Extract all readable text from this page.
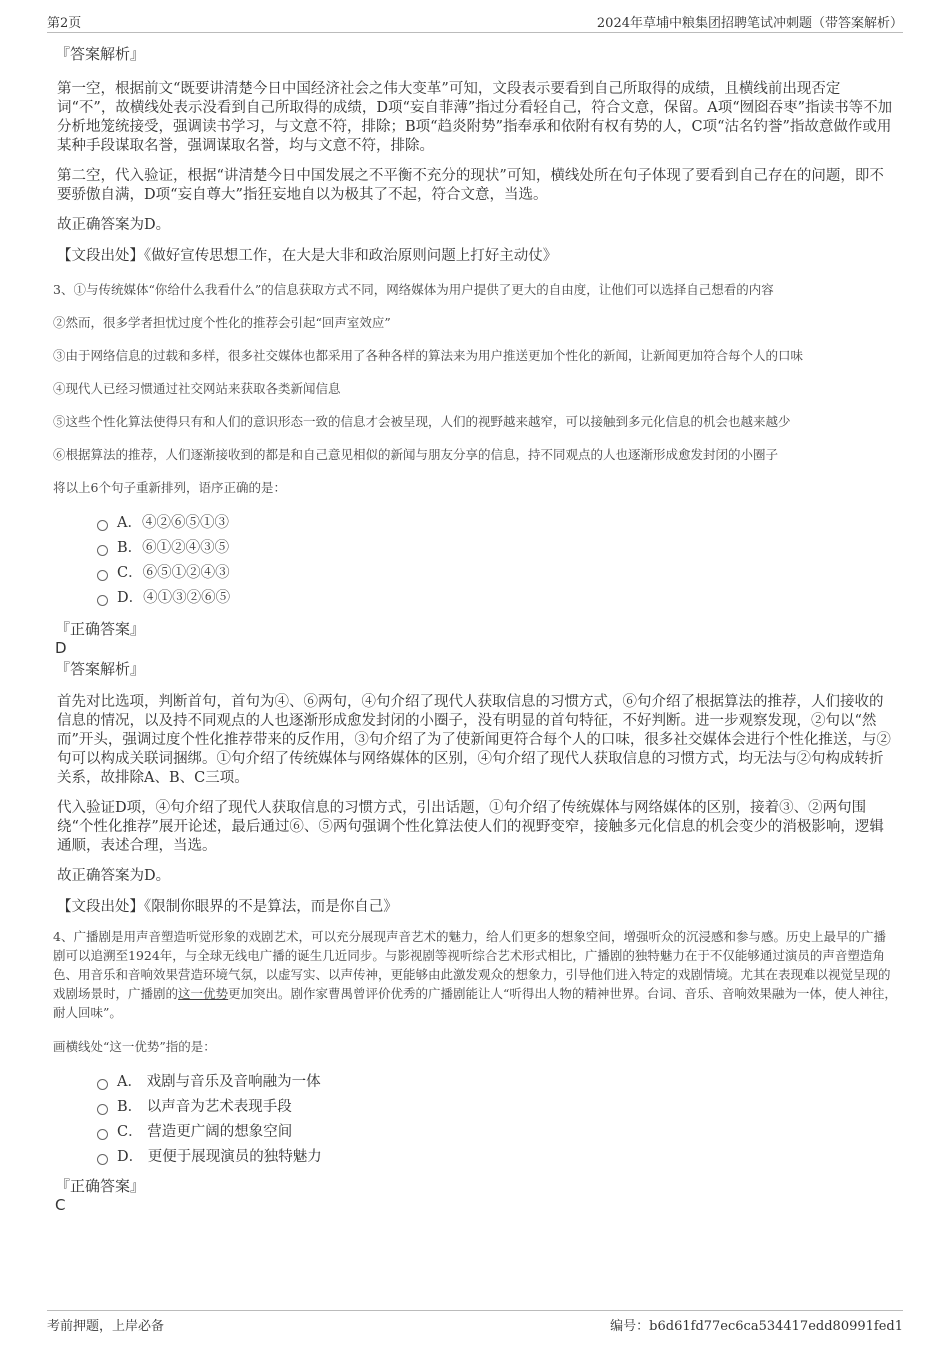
第2页	2024年草埔中粮集团招聘笔试冲刺题（带答案解析）
『答案解析』

第一空，根据前文“既要讲清楚今日中国经济社会之伟大变革”可知，文段表示要看到自己所取得的成绩，且横线前出现否定词“不”，故横线处表示没看到自己所取得的成绩，D项“妄自菲薄”指过分看轻自己，符合文意，保留。A项“囫囵吞枣”指读书等不加分析地笼统接受，强调读书学习，与文意不符，排除；B项“趋炎附势”指奉承和依附有权有势的人，C项“沽名钓誉”指故意做作或用某种手段谋取名誉，强调谋取名誉，均与文意不符，排除。

第二空，代入验证，根据“讲清楚今日中国发展之不平衡不充分的现状”可知，横线处所在句子体现了要看到自己存在的问题，即不要骄傲自满，D项“妄自尊大”指狂妄地自以为极其了不起，符合文意，当选。

故正确答案为D。

【文段出处】《做好宣传思想工作，在大是大非和政治原则问题上打好主动仗》

3、①与传统媒体“你给什么我看什么”的信息获取方式不同，网络媒体为用户提供了更大的自由度，让他们可以选择自己想看的内容

②然而，很多学者担忧过度个性化的推荐会引起“回声室效应”

③由于网络信息的过载和多样，很多社交媒体也都采用了各种各样的算法来为用户推送更加个性化的新闻，让新闻更加符合每个人的口味

④现代人已经习惯通过社交网站来获取各类新闻信息

⑤这些个性化算法使得只有和人们的意识形态一致的信息才会被呈现，人们的视野越来越窄，可以接触到多元化信息的机会也越来越少

⑥根据算法的推荐，人们逐渐接收到的都是和自己意见相似的新闻与朋友分享的信息，持不同观点的人也逐渐形成愈发封闭的小圈子

将以上6个句子重新排列，语序正确的是：

A．④②⑥⑤①③
B．⑥①②④③⑤
C．⑥⑤①②④③
D．④①③②⑥⑤
『正确答案』
D
『答案解析』

首先对比选项，判断首句，首句为④、⑥两句，④句介绍了现代人获取信息的习惯方式，⑥句介绍了根据算法的推荐，人们接收的信息的情况，以及持不同观点的人也逐渐形成愈发封闭的小圈子，没有明显的首句特征，不好判断。进一步观察发现，②句以“然而”开头，强调过度个性化推荐带来的反作用，③句介绍了为了使新闻更符合每个人的口味，很多社交媒体会进行个性化推送，与②句可以构成关联词捆绑。①句介绍了传统媒体与网络媒体的区别，④句介绍了现代人获取信息的习惯方式，均无法与②句构成转折关系，故排除A、B、C三项。

代入验证D项，④句介绍了现代人获取信息的习惯方式，引出话题，①句介绍了传统媒体与网络媒体的区别，接着③、②两句围绕“个性化推荐”展开论述，最后通过⑥、⑤两句强调个性化算法使人们的视野变窄，接触多元化信息的机会变少的消极影响，逻辑通顺，表述合理，当选。

故正确答案为D。

【文段出处】《限制你眼界的不是算法，而是你自己》

4、广播剧是用声音塑造听觉形象的戏剧艺术，可以充分展现声音艺术的魅力，给人们更多的想象空间，增强听众的沉浸感和参与感。历史上最早的广播剧可以追溯至1924年，与全球无线电广播的诞生几近同步。与影视剧等视听综合艺术形式相比，广播剧的独特魅力在于不仅能够通过演员的声音塑造角色、用音乐和音响效果营造环境气氛，以虚写实、以声传神，更能够由此激发观众的想象力，引导他们进入特定的戏剧情境。尤其在表现难以视觉呈现的戏剧场景时，广播剧的这一优势更加突出。剧作家曹禺曾评价优秀的广播剧能让人“听得出人物的精神世界。台词、音乐、音响效果融为一体，使人神往，耐人回味”。

画横线处“这一优势”指的是：

A． 戏剧与音乐及音响融为一体
B． 以声音为艺术表现手段
C． 营造更广阔的想象空间
D． 更便于展现演员的独特魅力
『正确答案』
C
考前押题，上岸必备	编号：b6d61fd77ec6ca534417edd80991fed1
